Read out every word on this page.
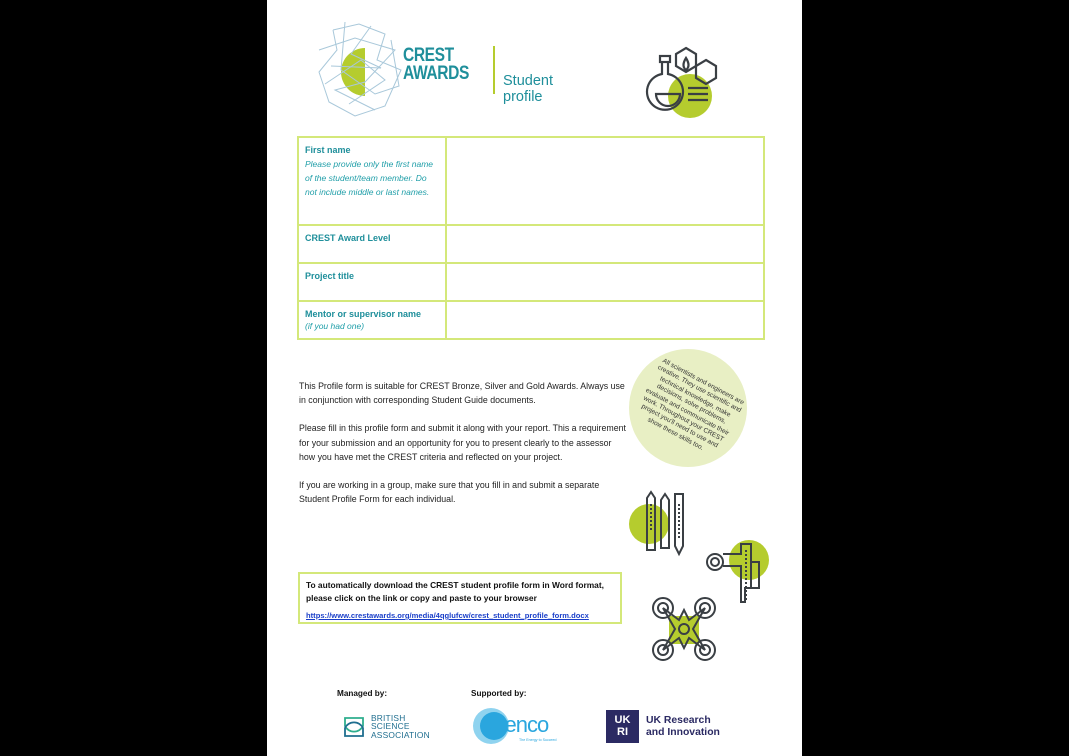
CREST
AWARDS Student profile
First name
Please provide only the first name of the student/team member. Do not include middle or last names.
CREST Award Level
Project title
Mentor or supervisor name
(if you had one)

This Profile form is suitable for CREST Bronze, Silver and Gold Awards. Always use in conjunction with corresponding Student Guide documents.

Please fill in this profile form and submit it along with your report. This a requirement for your submission and an opportunity for you to present clearly to the assessor how you have met the CREST criteria and reflected on your project.

If you are working in a group, make sure that you fill in and submit a separate Student Profile Form for each individual.

All scientists and engineers are creative. They use scientific and technical knowledge, make decisions, solve problems, evaluate and communicate their work. Throughout your CREST project you'll need to use and show these skills too.
To automatically download the CREST student profile form in Word format, please click on the link or copy and paste to your browser
https://www.crestawards.org/media/4qglufcw/crest_student_profile_form.docx
Managed by:	Supported by:
BRITISH
SCIENCE
ASSOCIATION	urenco
The Energy to Succeed
UK
RI
UK Research
and Innovation
